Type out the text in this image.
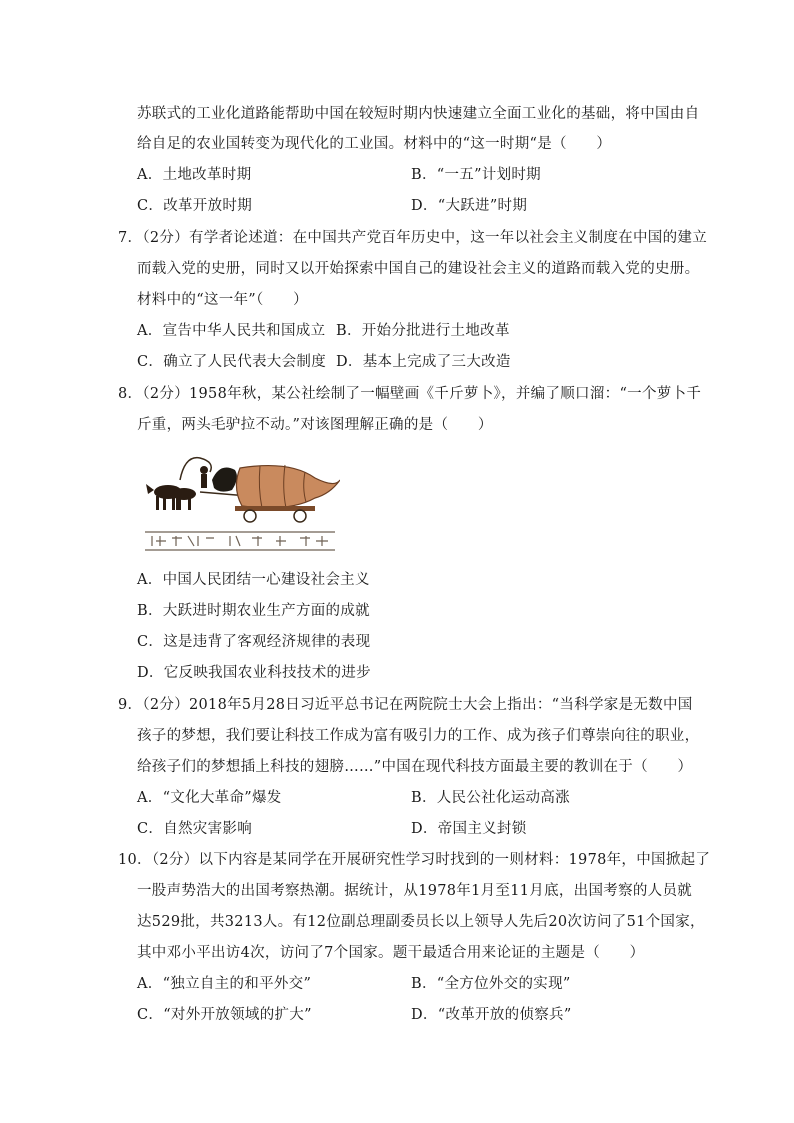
苏联式的工业化道路能帮助中国在较短时期内快速建立全面工业化的基础，将中国由自
给自足的农业国转变为现代化的工业国。材料中的“这一时期“是（　　）
A．土地改革时期	B．“一五”计划时期
C．改革开放时期	D．“大跃进”时期
7．（2分）有学者论述道：在中国共产党百年历史中，这一年以社会主义制度在中国的建立
而载入党的史册，同时又以开始探索中国自己的建设社会主义的道路而载入党的史册。
材料中的“这一年”（　　）
A．宣告中华人民共和国成立 B．开始分批进行土地改革
C．确立了人民代表大会制度 D．基本上完成了三大改造
8．（2分）1958年秋，某公社绘制了一幅壁画《千斤萝卜》，并编了顺口溜：“一个萝卜千
斤重，两头毛驴拉不动。”对该图理解正确的是（　　）
A．中国人民团结一心建设社会主义
B．大跃进时期农业生产方面的成就
C．这是违背了客观经济规律的表现
D．它反映我国农业科技技术的进步
9．（2分）2018年5月28日习近平总书记在两院院士大会上指出：“当科学家是无数中国
孩子的梦想，我们要让科技工作成为富有吸引力的工作、成为孩子们尊崇向往的职业，
给孩子们的梦想插上科技的翅膀……”中国在现代科技方面最主要的教训在于（　　）
A．“文化大革命”爆发	B．人民公社化运动高涨
C．自然灾害影响	D．帝国主义封锁
10．（2分）以下内容是某同学在开展研究性学习时找到的一则材料：1978年，中国掀起了
一股声势浩大的出国考察热潮。据统计，从1978年1月至11月底，出国考察的人员就
达529批，共3213人。有12位副总理副委员长以上领导人先后20次访问了51个国家，
其中邓小平出访4次，访问了7个国家。题干最适合用来论证的主题是（　　）
A．“独立自主的和平外交”	B．“全方位外交的实现”
C．“对外开放领域的扩大”	D．“改革开放的侦察兵”
